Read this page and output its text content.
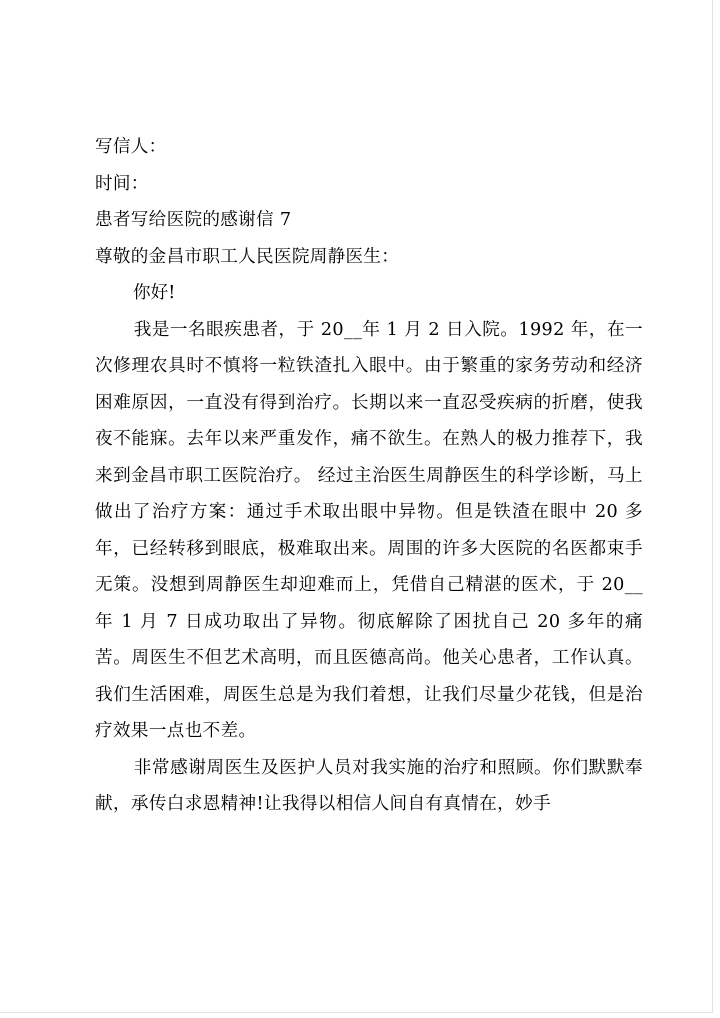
写信人：
时间：
患者写给医院的感谢信 7
尊敬的金昌市职工人民医院周静医生：
你好!
我是一名眼疾患者，于 20__年 1 月 2 日入院。1992 年，在一次修理农具时不慎将一粒铁渣扎入眼中。由于繁重的家务劳动和经济困难原因，一直没有得到治疗。长期以来一直忍受疾病的折磨，使我夜不能寐。去年以来严重发作，痛不欲生。在熟人的极力推荐下，我来到金昌市职工医院治疗。 经过主治医生周静医生的科学诊断，马上做出了治疗方案：通过手术取出眼中异物。但是铁渣在眼中 20 多年，已经转移到眼底，极难取出来。周围的许多大医院的名医都束手无策。没想到周静医生却迎难而上，凭借自己精湛的医术，于 20__年 1 月 7 日成功取出了异物。彻底解除了困扰自己 20 多年的痛苦。周医生不但艺术高明，而且医德高尚。他关心患者，工作认真。我们生活困难，周医生总是为我们着想，让我们尽量少花钱，但是治疗效果一点也不差。
非常感谢周医生及医护人员对我实施的治疗和照顾。你们默默奉献，承传白求恩精神!让我得以相信人间自有真情在，妙手
